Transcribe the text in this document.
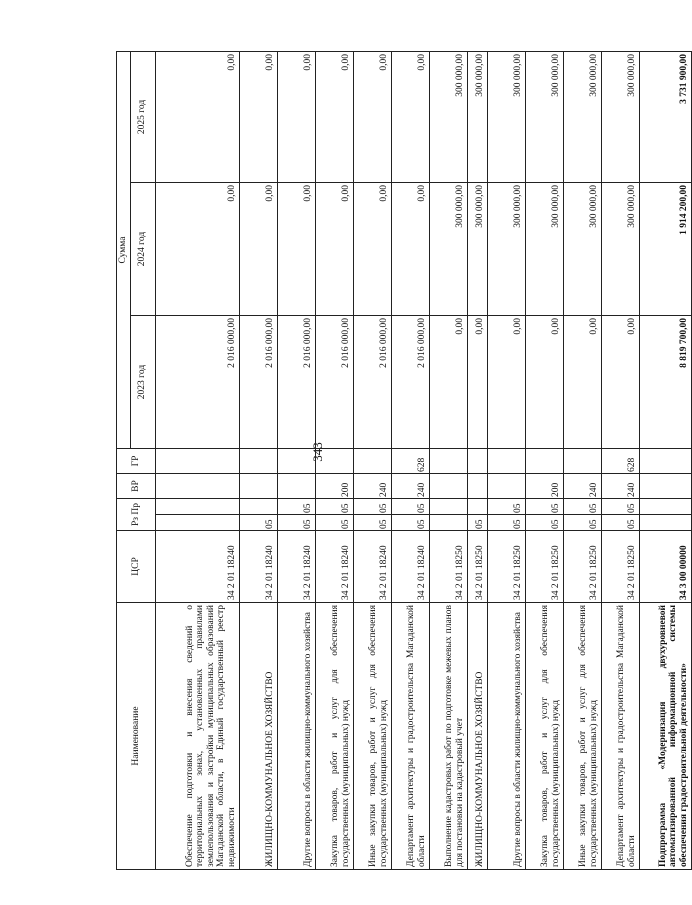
343
Наименование	ЦСР	Рз Пр		ВР	ГР	Сумма		
						2023 год	2024 год	2025 год
Обеспечение подготовки и внесения сведений о территориальных зонах, установленных правилами землепользования и застройки муниципальных образований Магаданской области, в Единый государственный реестр недвижимости	34 2 01 18240					2 016 000,00	0,00	0,00
ЖИЛИЩНО-КОММУНАЛЬНОЕ ХОЗЯЙСТВО	34 2 01 18240	05				2 016 000,00	0,00	0,00
Другие вопросы в области жилищно-коммунального хозяйства	34 2 01 18240	05	05			2 016 000,00	0,00	0,00
Закупка товаров, работ и услуг для обеспечения государственных (муниципальных) нужд	34 2 01 18240	05	05	200		2 016 000,00	0,00	0,00
Иные закупки товаров, работ и услуг для обеспечения государственных (муниципальных) нужд	34 2 01 18240	05	05	240		2 016 000,00	0,00	0,00
Департамент архитектуры и градостроительства Магаданской области	34 2 01 18240	05	05	240	628	2 016 000,00	0,00	0,00
Выполнение кадастровых работ по подготовке межевых планов для постановки на кадастровый учет	34 2 01 18250					0,00	300 000,00	300 000,00
ЖИЛИЩНО-КОММУНАЛЬНОЕ ХОЗЯЙСТВО	34 2 01 18250	05				0,00	300 000,00	300 000,00
Другие вопросы в области жилищно-коммунального хозяйства	34 2 01 18250	05	05			0,00	300 000,00	300 000,00
Закупка товаров, работ и услуг для обеспечения государственных (муниципальных) нужд	34 2 01 18250	05	05	200		0,00	300 000,00	300 000,00
Иные закупки товаров, работ и услуг для обеспечения государственных (муниципальных) нужд	34 2 01 18250	05	05	240		0,00	300 000,00	300 000,00
Департамент архитектуры и градостроительства Магаданской области	34 2 01 18250	05	05	240	628	0,00	300 000,00	300 000,00
Подпрограмма «Модернизация двухуровневой автоматизированной информационной системы обеспечения градостроительной деятельности»	34 3 00 00000					8 819 700,00	1 914 200,00	3 731 900,00
